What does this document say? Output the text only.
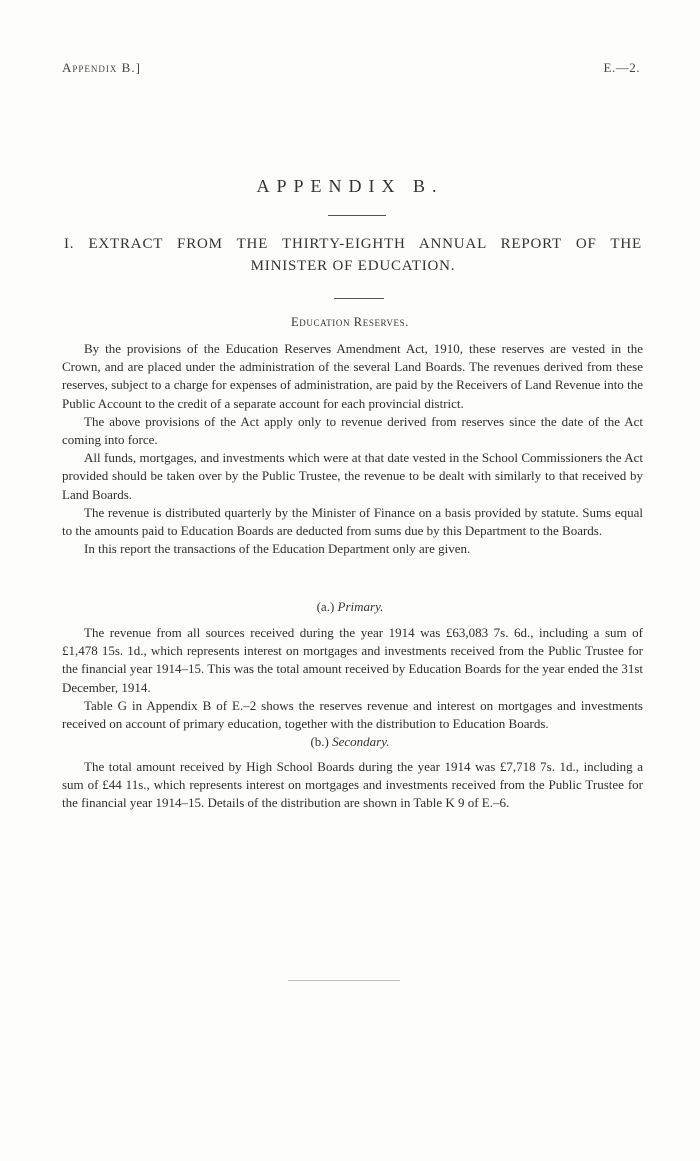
Appendix B.]	E.—2.
APPENDIX B.
I. EXTRACT FROM THE THIRTY-EIGHTH ANNUAL REPORT OF THE
MINISTER OF EDUCATION.
Education Reserves.

By the provisions of the Education Reserves Amendment Act, 1910, these reserves are vested in the Crown, and are placed under the administration of the several Land Boards. The revenues derived from these reserves, subject to a charge for expenses of administration, are paid by the Receivers of Land Revenue into the Public Account to the credit of a separate account for each provincial district.

The above provisions of the Act apply only to revenue derived from reserves since the date of the Act coming into force.

All funds, mortgages, and investments which were at that date vested in the School Commissioners the Act provided should be taken over by the Public Trustee, the revenue to be dealt with similarly to that received by Land Boards.

The revenue is distributed quarterly by the Minister of Finance on a basis provided by statute. Sums equal to the amounts paid to Education Boards are deducted from sums due by this Department to the Boards.

In this report the transactions of the Education Department only are given.

(a.) Primary.

The revenue from all sources received during the year 1914 was £63,083 7s. 6d., including a sum of £1,478 15s. 1d., which represents interest on mortgages and investments received from the Public Trustee for the financial year 1914–15. This was the total amount received by Education Boards for the year ended the 31st December, 1914.

Table G in Appendix B of E.–2 shows the reserves revenue and interest on mortgages and investments received on account of primary education, together with the distribution to Education Boards.

(b.) Secondary.

The total amount received by High School Boards during the year 1914 was £7,718 7s. 1d., including a sum of £44 11s., which represents interest on mortgages and investments received from the Public Trustee for the financial year 1914–15. Details of the distribution are shown in Table K 9 of E.–6.
